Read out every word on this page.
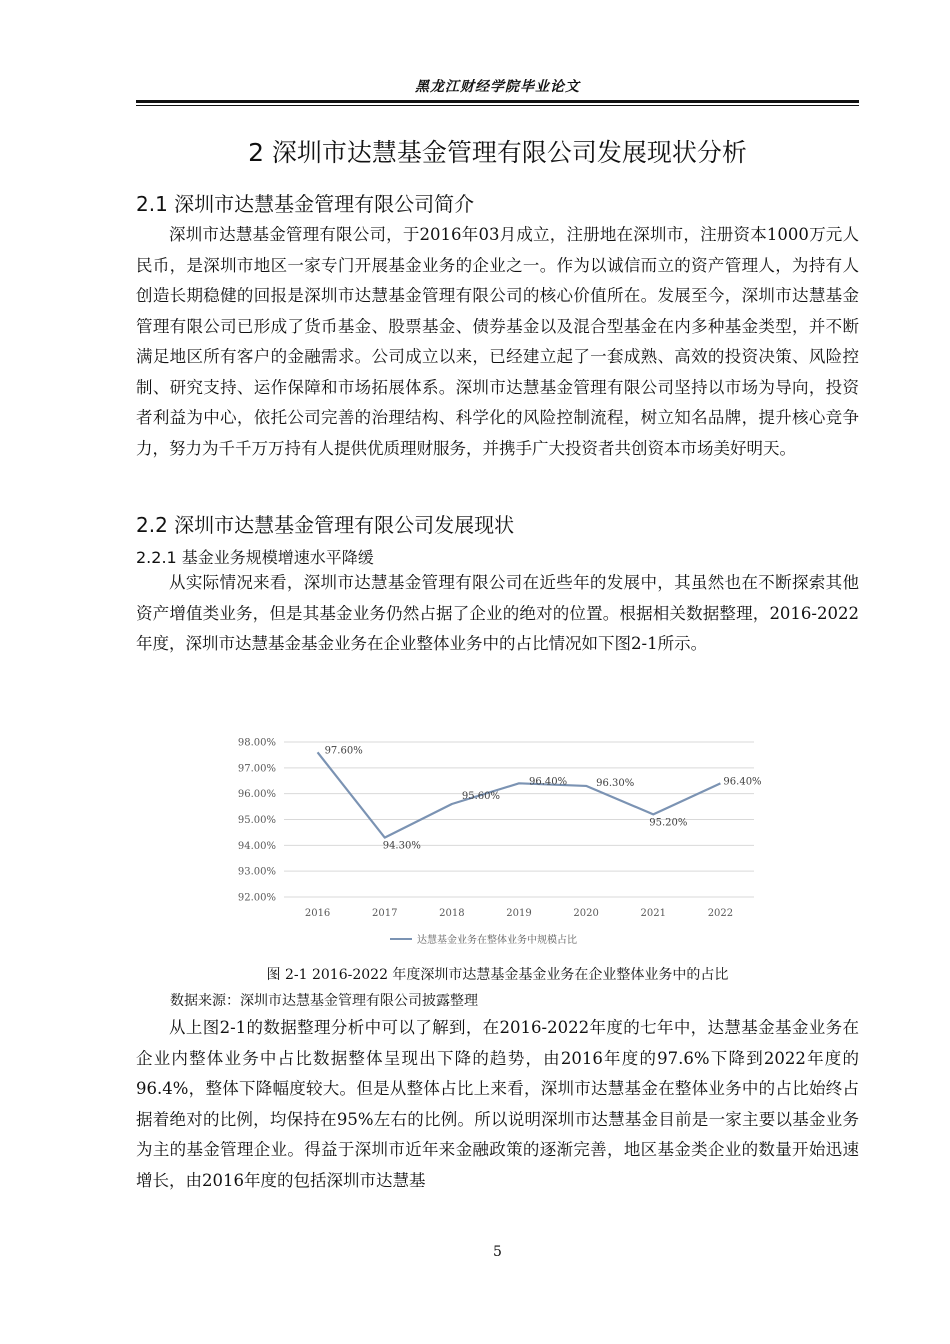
黑龙江财经学院毕业论文
2 深圳市达慧基金管理有限公司发展现状分析
2.1 深圳市达慧基金管理有限公司简介

深圳市达慧基金管理有限公司，于2016年03月成立，注册地在深圳市，注册资本1000万元人民币，是深圳市地区一家专门开展基金业务的企业之一。作为以诚信而立的资产管理人，为持有人创造长期稳健的回报是深圳市达慧基金管理有限公司的核心价值所在。发展至今，深圳市达慧基金管理有限公司已形成了货币基金、股票基金、债券基金以及混合型基金在内多种基金类型，并不断满足地区所有客户的金融需求。公司成立以来，已经建立起了一套成熟、高效的投资决策、风险控制、研究支持、运作保障和市场拓展体系。深圳市达慧基金管理有限公司坚持以市场为导向，投资者利益为中心，依托公司完善的治理结构、科学化的风险控制流程，树立知名品牌，提升核心竞争力，努力为千千万万持有人提供优质理财服务，并携手广大投资者共创资本市场美好明天。

2.2 深圳市达慧基金管理有限公司发展现状
2.2.1 基金业务规模增速水平降缓

从实际情况来看，深圳市达慧基金管理有限公司在近些年的发展中，其虽然也在不断探索其他资产增值类业务，但是其基金业务仍然占据了企业的绝对的位置。根据相关数据整理，2016-2022年度，深圳市达慧基金基金业务在企业整体业务中的占比情况如下图2-1所示。

92.00%
93.00%
94.00%
95.00%
96.00%
97.00%
98.00%
2016	2017	2018	2019	2020	2021	2022
97.60%
94.30%
95.60%
96.40%	96.30%
95.20%
96.40%
达慧基金业务在整体业务中规模占比
图 2-1 2016-2022 年度深圳市达慧基金基金业务在企业整体业务中的占比
数据来源：深圳市达慧基金管理有限公司披露整理

从上图2-1的数据整理分析中可以了解到，在2016-2022年度的七年中，达慧基金基金业务在企业内整体业务中占比数据整体呈现出下降的趋势，由2016年度的97.6%下降到2022年度的96.4%，整体下降幅度较大。但是从整体占比上来看，深圳市达慧基金在整体业务中的占比始终占据着绝对的比例，均保持在95%左右的比例。所以说明深圳市达慧基金目前是一家主要以基金业务为主的基金管理企业。得益于深圳市近年来金融政策的逐渐完善，地区基金类企业的数量开始迅速增长，由2016年度的包括深圳市达慧基

5
